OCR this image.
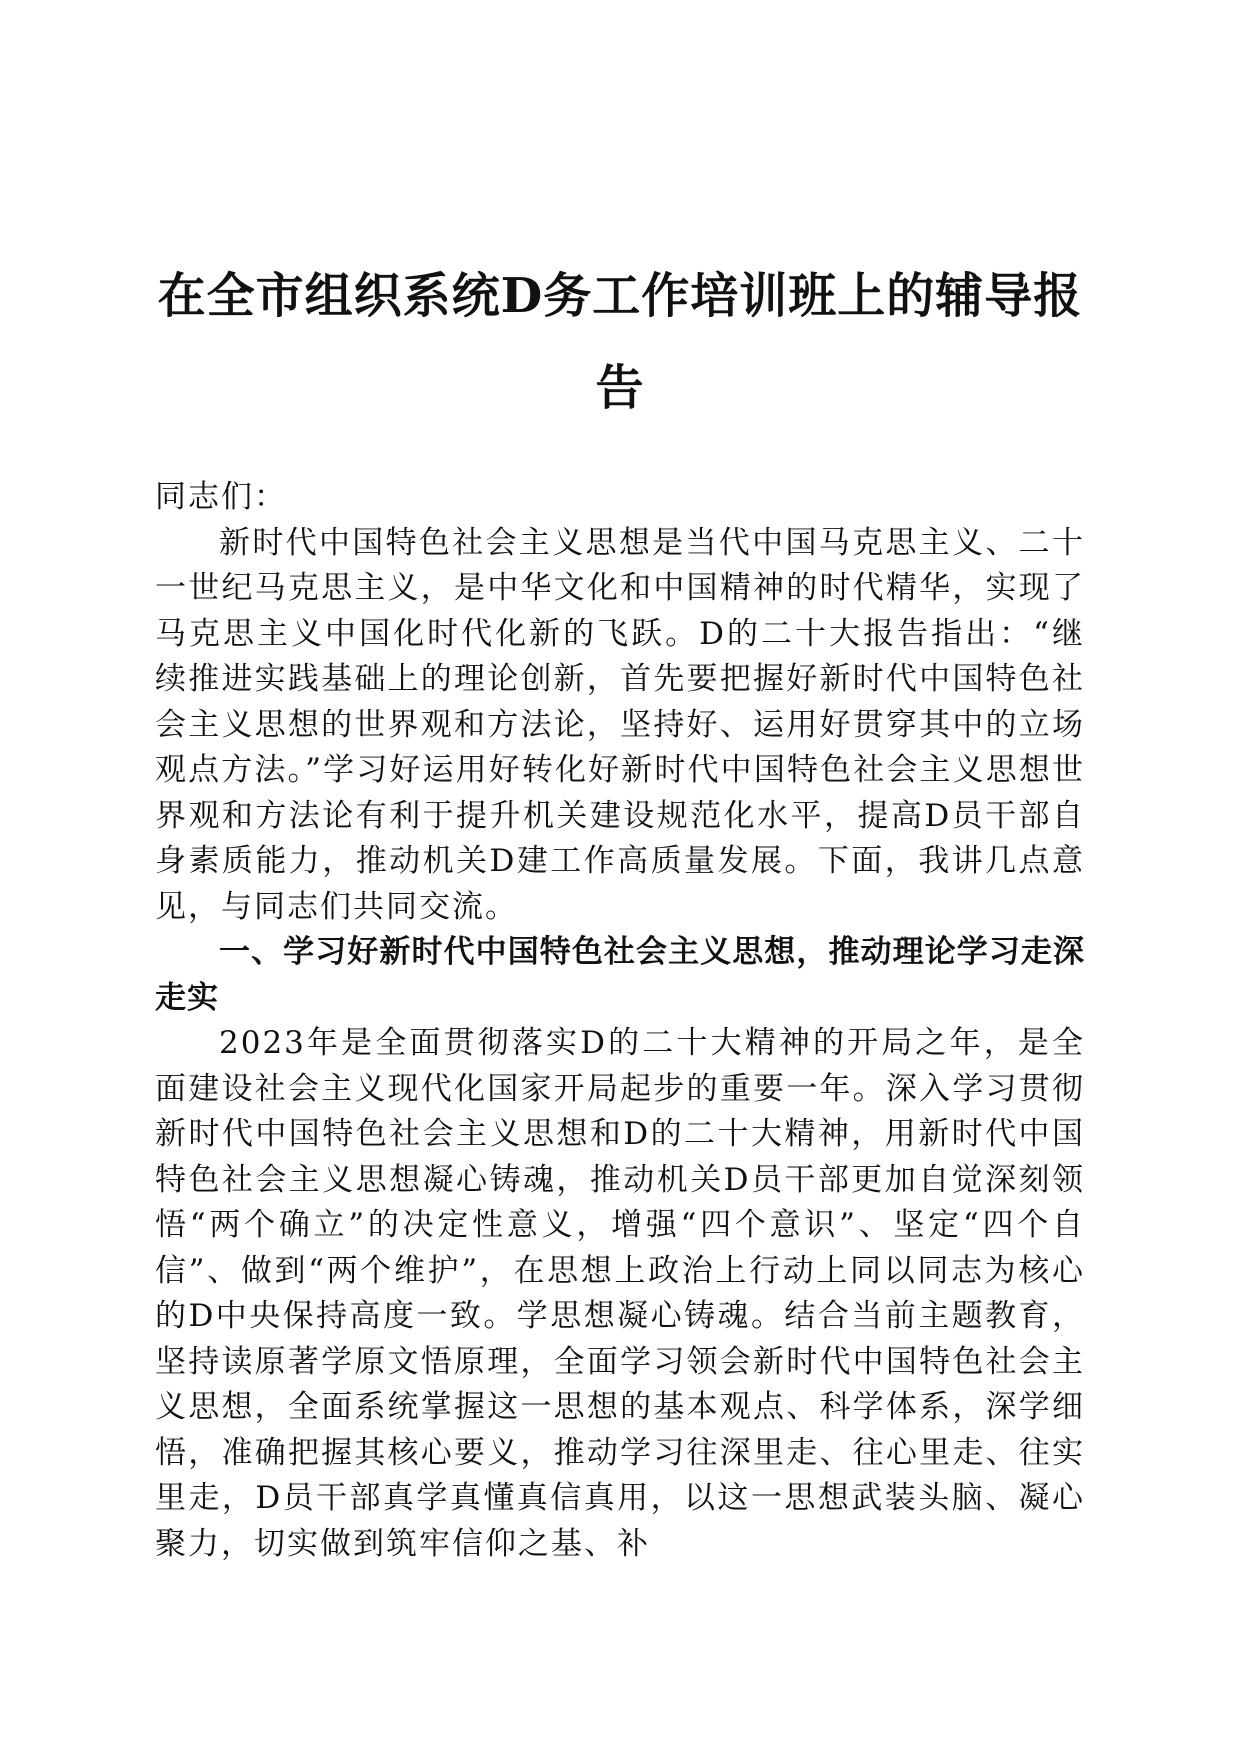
在全市组织系统D务工作培训班上的辅导报告

同志们：

新时代中国特色社会主义思想是当代中国马克思主义、二十一世纪马克思主义，是中华文化和中国精神的时代精华，实现了马克思主义中国化时代化新的飞跃。D的二十大报告指出：“继续推进实践基础上的理论创新，首先要把握好新时代中国特色社会主义思想的世界观和方法论，坚持好、运用好贯穿其中的立场观点方法。”学习好运用好转化好新时代中国特色社会主义思想世界观和方法论有利于提升机关建设规范化水平，提高D员干部自身素质能力，推动机关D建工作高质量发展。下面，我讲几点意见，与同志们共同交流。

一、学习好新时代中国特色社会主义思想，推动理论学习走深走实

2023年是全面贯彻落实D的二十大精神的开局之年，是全面建设社会主义现代化国家开局起步的重要一年。深入学习贯彻新时代中国特色社会主义思想和D的二十大精神，用新时代中国特色社会主义思想凝心铸魂，推动机关D员干部更加自觉深刻领悟“两个确立”的决定性意义，增强“四个意识”、坚定“四个自信”、做到“两个维护”，在思想上政治上行动上同以同志为核心的D中央保持高度一致。学思想凝心铸魂。结合当前主题教育，坚持读原著学原文悟原理，全面学习领会新时代中国特色社会主义思想，全面系统掌握这一思想的基本观点、科学体系，深学细悟，准确把握其核心要义，推动学习往深里走、往心里走、往实里走，D员干部真学真懂真信真用，以这一思想武装头脑、凝心聚力，切实做到筑牢信仰之基、补
